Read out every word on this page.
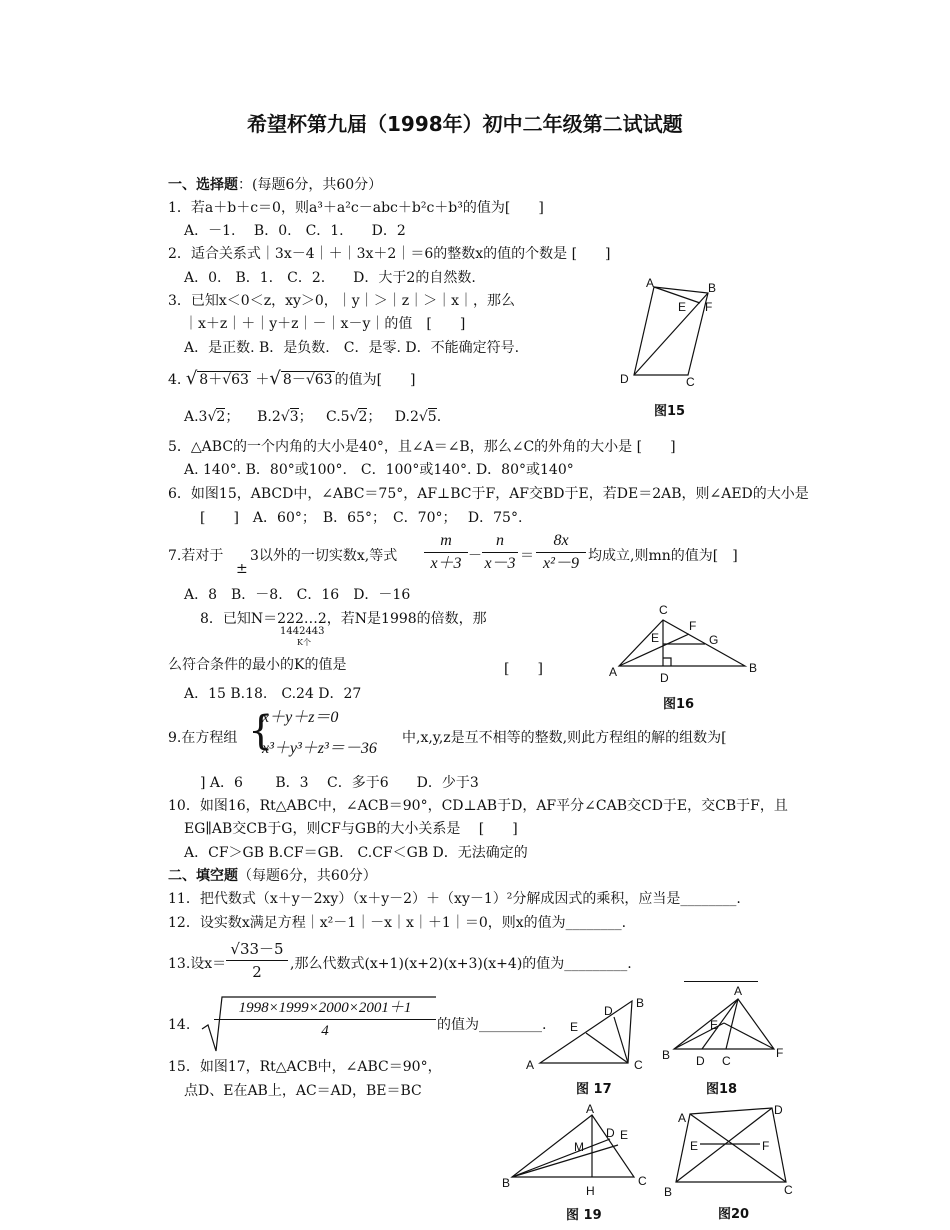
希望杯第九届（1998年）初中二年级第二试试题
一、选择题：(每题6分，共60分）
1．若a＋b＋c＝0，则a³＋a²c－abc＋b²c＋b³的值为[　　]
A．－1.　 B．0.　C．1.　　D．2
2．适合关系式｜3x－4｜＋｜3x＋2｜＝6的整数x的值的个数是 [　　]
A．0.　B．1.　C．2.　　D．大于2的自然数.
3．已知x＜0＜z，xy＞0，｜y｜＞｜z｜＞｜x｜，那么
｜x＋z｜＋｜y＋z｜－｜x－y｜的值　[　　]
A．是正数. B．是负数.　C．是零. D．不能确定符号.
4. √ 8＋√63 ＋√ 8－√63 的值为[　　]
A.3√2； B.2√3； C.5√2； D.2√5.
5．△ABC的一个内角的大小是40°，且∠A＝∠B，那么∠C的外角的大小是 [　　]
A. 140°. B．80°或100°.　C．100°或140°. D．80°或140°
6．如图15，ABCD中，∠ABC＝75°，AF⊥BC于F，AF交BD于E，若DE＝2AB，则∠AED的大小是
[　　]　A．60°；　B．65°；　C．70°；　 D．75°.
7.若对于
±
3以外的一切实数x,等式
m
x＋3 －
n
x－3 ＝
8x
x²－9 均成立,则mn的值为[　]
A．8　B．－8.　C．16　D．－16
8．已知N＝222…2，若N是1998的倍数，那
1442443
K个
么符合条件的最小的K的值是	[　　]
A．15 B.18.　C.24 D．27
9.在方程组 {
x＋y＋z＝0
x³＋y³＋z³＝－36
中,x,y,z是互不相等的整数,则此方程组的解的组数为[
] A．6　　 B．3　 C．多于6　　D．少于3
10．如图16，Rt△ABC中，∠ACB＝90°，CD⊥AB于D，AF平分∠CAB交CD于E，交CB于F，且
EG∥AB交CB于G，则CF与GB的大小关系是　 [　　]
A．CF＞GB B.CF＝GB.　C.CF＜GB D．无法确定的
二、填空题（每题6分，共60分）
11．把代数式（x＋y－2xy）（x＋y－2）＋（xy－1）²分解成因式的乘积，应当是________.
12．设实数x满足方程｜x²－1｜－x｜x｜＋1｜＝0，则x的值为________.
13.设x＝
√33－5
2	,那么代数式(x+1)(x+2)(x+3)(x+4)的值为_________.
14.
1998×1999×2000×2001＋1
4	的值为_________.
15．如图17，Rt△ACB中，∠ABC＝90°，
点D、E在AB上，AC＝AD，BE＝BC
A	B
E F
D	C
图15
C
E
F
G
A	D
B
图16
D
B
E
A	C
图 17
A
E
B D C
F
图18
A
M
D E
B
H
C
图 19
A
D
E	F
B	C
图20
